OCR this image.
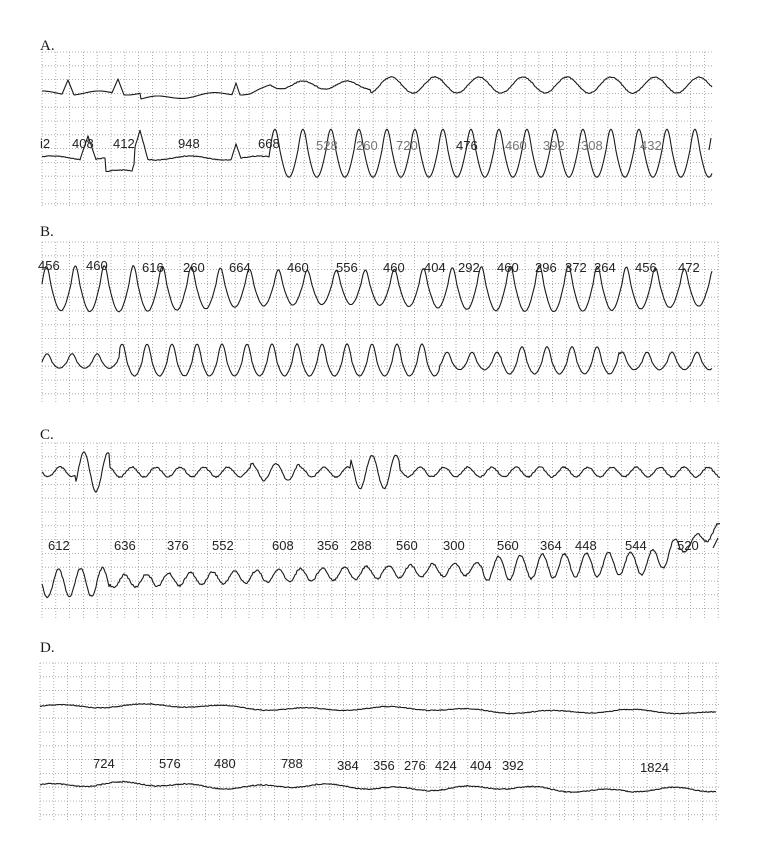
A.
B.
C.
D.
i2 408 412	948	668	528 260 720	476 460 392 308	432
456 460	616 260 664	460 556 460 404 292 460 296 372 264 456 472
612	636 376 552	608 356 288 560 300 560 364 448 544 520
724	576	480	788	384 356 276 424 404 392	1824
